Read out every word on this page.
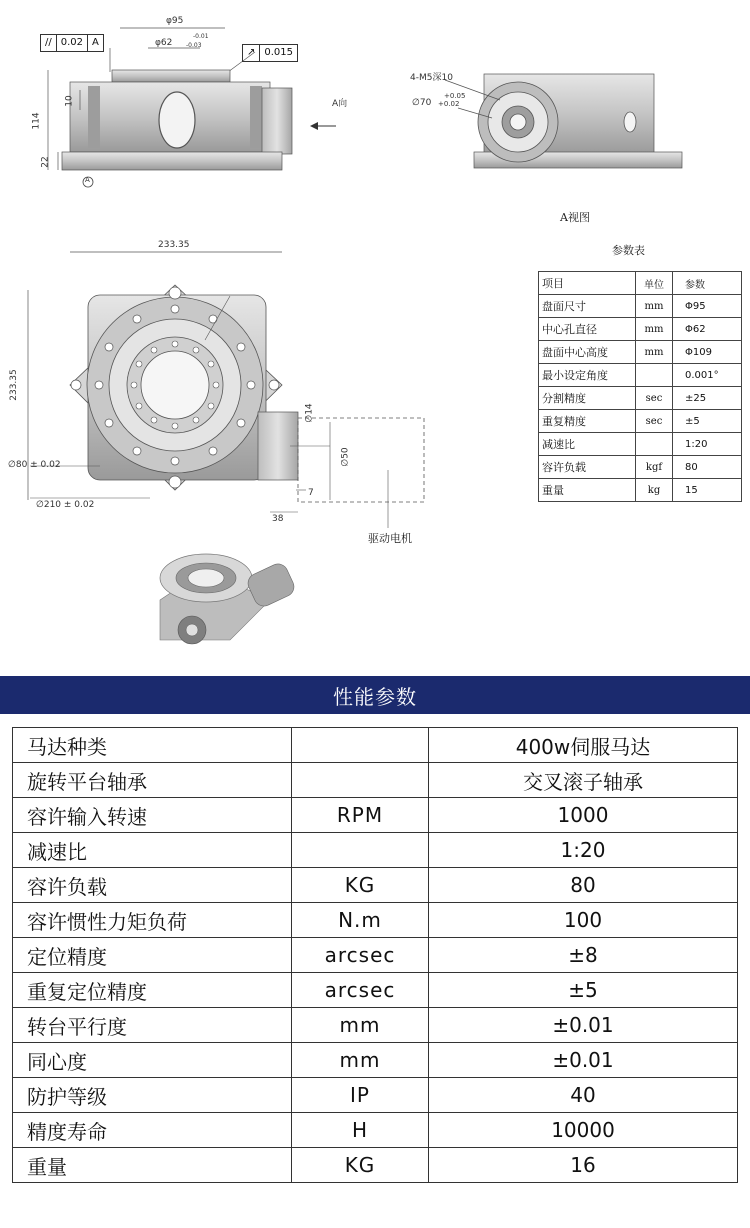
// 0.02 A
↗ 0.015
φ95
φ62
-0.01
-0.03
114
10
22
A
A向
4-M5深10
∅70
+0.05
+0.02
A视图
233.35
233.35
∅80 ± 0.02
∅210 ± 0.02
∅14
∅50
7
38
驱动电机
参数表
项目	单位	参数
盘面尺寸	mm	Φ95
中心孔直径	mm	Φ62
盘面中心高度	mm	Φ109
最小设定角度		0.001°
分割精度	sec	±25
重复精度	sec	±5
减速比		1:20
容许负载	kgf	80
重量	kg	15
性能参数
马达种类		400w伺服马达
旋转平台轴承		交叉滚子轴承
容许输入转速	RPM	1000
减速比		1:20
容许负载	KG	80
容许惯性力矩负荷	N.m	100
定位精度	arcsec	±8
重复定位精度	arcsec	±5
转台平行度	mm	±0.01
同心度	mm	±0.01
防护等级	IP	40
精度寿命	H	10000
重量	KG	16
